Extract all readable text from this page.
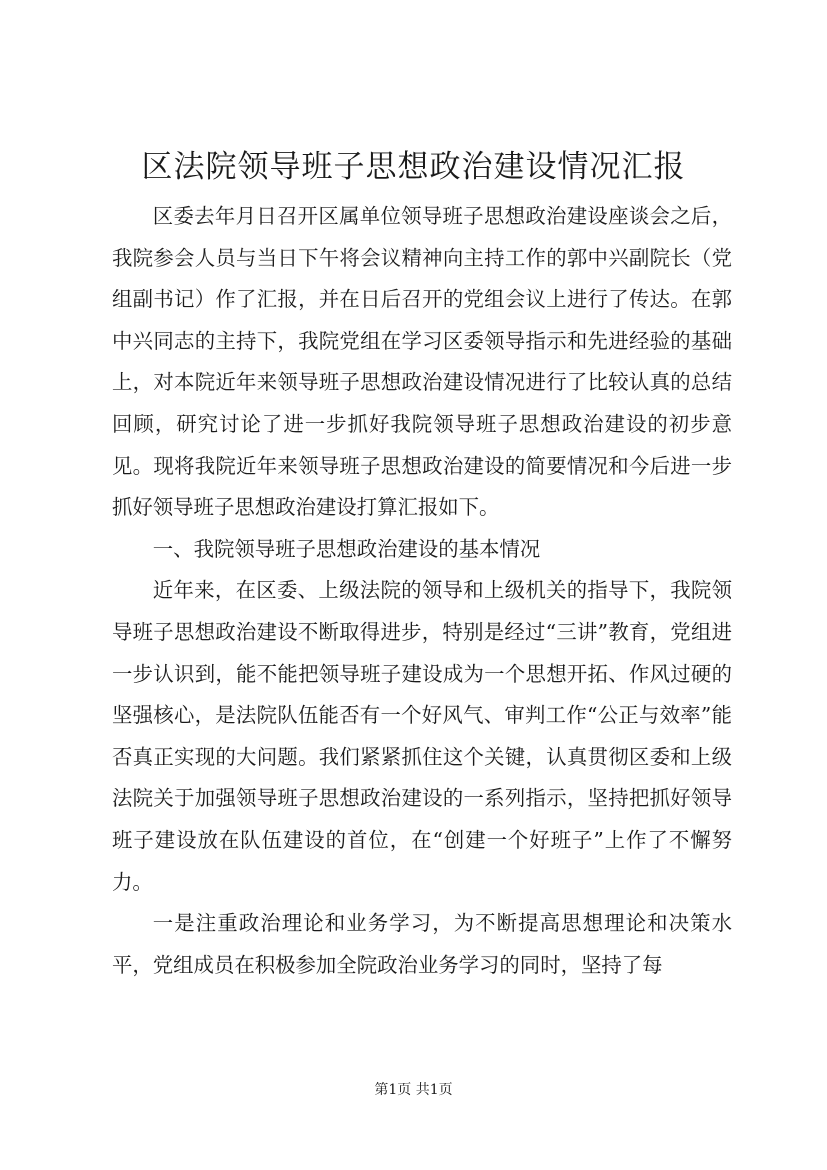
区法院领导班子思想政治建设情况汇报

区委去年月日召开区属单位领导班子思想政治建设座谈会之后，我院参会人员与当日下午将会议精神向主持工作的郭中兴副院长（党组副书记）作了汇报，并在日后召开的党组会议上进行了传达。在郭中兴同志的主持下，我院党组在学习区委领导指示和先进经验的基础上，对本院近年来领导班子思想政治建设情况进行了比较认真的总结回顾，研究讨论了进一步抓好我院领导班子思想政治建设的初步意见。现将我院近年来领导班子思想政治建设的简要情况和今后进一步抓好领导班子思想政治建设打算汇报如下。

一、我院领导班子思想政治建设的基本情况

近年来，在区委、上级法院的领导和上级机关的指导下，我院领导班子思想政治建设不断取得进步，特别是经过“三讲”教育，党组进一步认识到，能不能把领导班子建设成为一个思想开拓、作风过硬的坚强核心，是法院队伍能否有一个好风气、审判工作“公正与效率”能否真正实现的大问题。我们紧紧抓住这个关键，认真贯彻区委和上级法院关于加强领导班子思想政治建设的一系列指示，坚持把抓好领导班子建设放在队伍建设的首位，在“创建一个好班子”上作了不懈努力。

一是注重政治理论和业务学习，为不断提高思想理论和决策水平，党组成员在积极参加全院政治业务学习的同时，坚持了每

第1页 共1页
